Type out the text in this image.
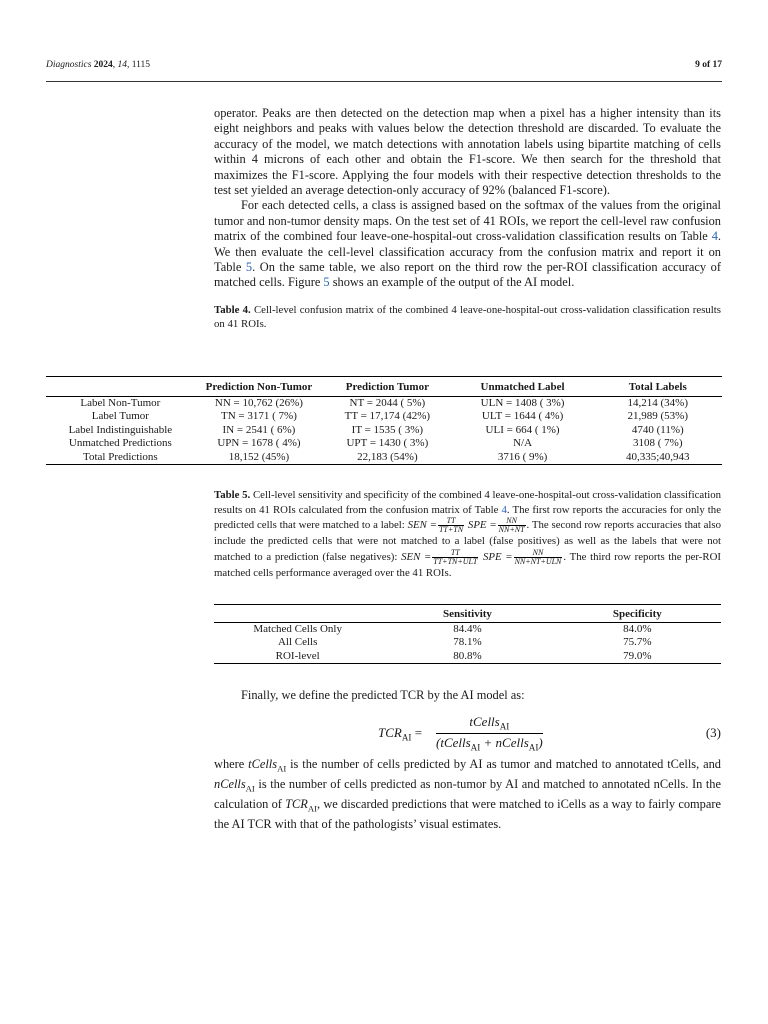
Diagnostics 2024, 14, 1115	9 of 17

operator. Peaks are then detected on the detection map when a pixel has a higher intensity than its eight neighbors and peaks with values below the detection threshold are discarded. To evaluate the accuracy of the model, we match detections with annotation labels using bipartite matching of cells within 4 microns of each other and obtain the F1-score. We then search for the threshold that maximizes the F1-score. Applying the four models with their respective detection thresholds to the test set yielded an average detection-only accuracy of 92% (balanced F1-score).

For each detected cells, a class is assigned based on the softmax of the values from the original tumor and non-tumor density maps. On the test set of 41 ROIs, we report the cell-level raw confusion matrix of the combined four leave-one-hospital-out cross-validation classification results on Table 4. We then evaluate the cell-level classification accuracy from the confusion matrix and report it on Table 5. On the same table, we also report on the third row the per-ROI classification accuracy of matched cells. Figure 5 shows an example of the output of the AI model.

Table 4. Cell-level confusion matrix of the combined 4 leave-one-hospital-out cross-validation classification results on 41 ROIs.

	Prediction Non-Tumor	Prediction Tumor	Unmatched Label	Total Labels
Label Non-Tumor	NN = 10,762 (26%)	NT = 2044 ( 5%)	ULN = 1408 ( 3%)	14,214 (34%)
Label Tumor	TN = 3171 ( 7%)	TT = 17,174 (42%)	ULT = 1644 ( 4%)	21,989 (53%)
Label Indistinguishable	IN = 2541 ( 6%)	IT = 1535 ( 3%)	ULI = 664 ( 1%)	4740 (11%)
Unmatched Predictions	UPN = 1678 ( 4%)	UPT = 1430 ( 3%)	N/A	3108 ( 7%)
Total Predictions	18,152 (45%)	22,183 (54%)	3716 ( 9%)	40,335;40,943

Table 5. Cell-level sensitivity and specificity of the combined 4 leave-one-hospital-out cross-validation classification results on 41 ROIs calculated from the confusion matrix of Table 4. The first row reports the accuracies for only the predicted cells that were matched to a label: SEN = $\frac{TT}{TT+TN}$ SPE = $\frac{NN}{NN+NT}$ . The second row reports accuracies that also include the predicted cells that were not matched to a label (false positives) as well as the labels that were not matched to a prediction (false negatives): SEN = $\frac{TT}{\text{TT+TN+ULT}}$ SPE = $\frac{NN}{\text{NN+NT+ULN}}$ . The third row reports the per-ROI matched cells performance averaged over the 41 ROIs.

	Sensitivity	Specificity
Matched Cells Only	84.4%	84.0%
All Cells	78.1%	75.7%
ROI-level	80.8%	79.0%

Finally, we define the predicted TCR by the AI model as:

$TCR_{AI}$ =
tCells$_{AI}$
(tCells$_{AI}$ + nCells$_{AI}$)
(3)

where tCells$_{AI}$ is the number of cells predicted by AI as tumor and matched to annotated tCells, and nCells$_{AI}$ is the number of cells predicted as non-tumor by AI and matched to annotated nCells. In the calculation of $TCR_{AI}$, we discarded predictions that were matched to iCells as a way to fairly compare the AI TCR with that of the pathologists’ visual estimates.
